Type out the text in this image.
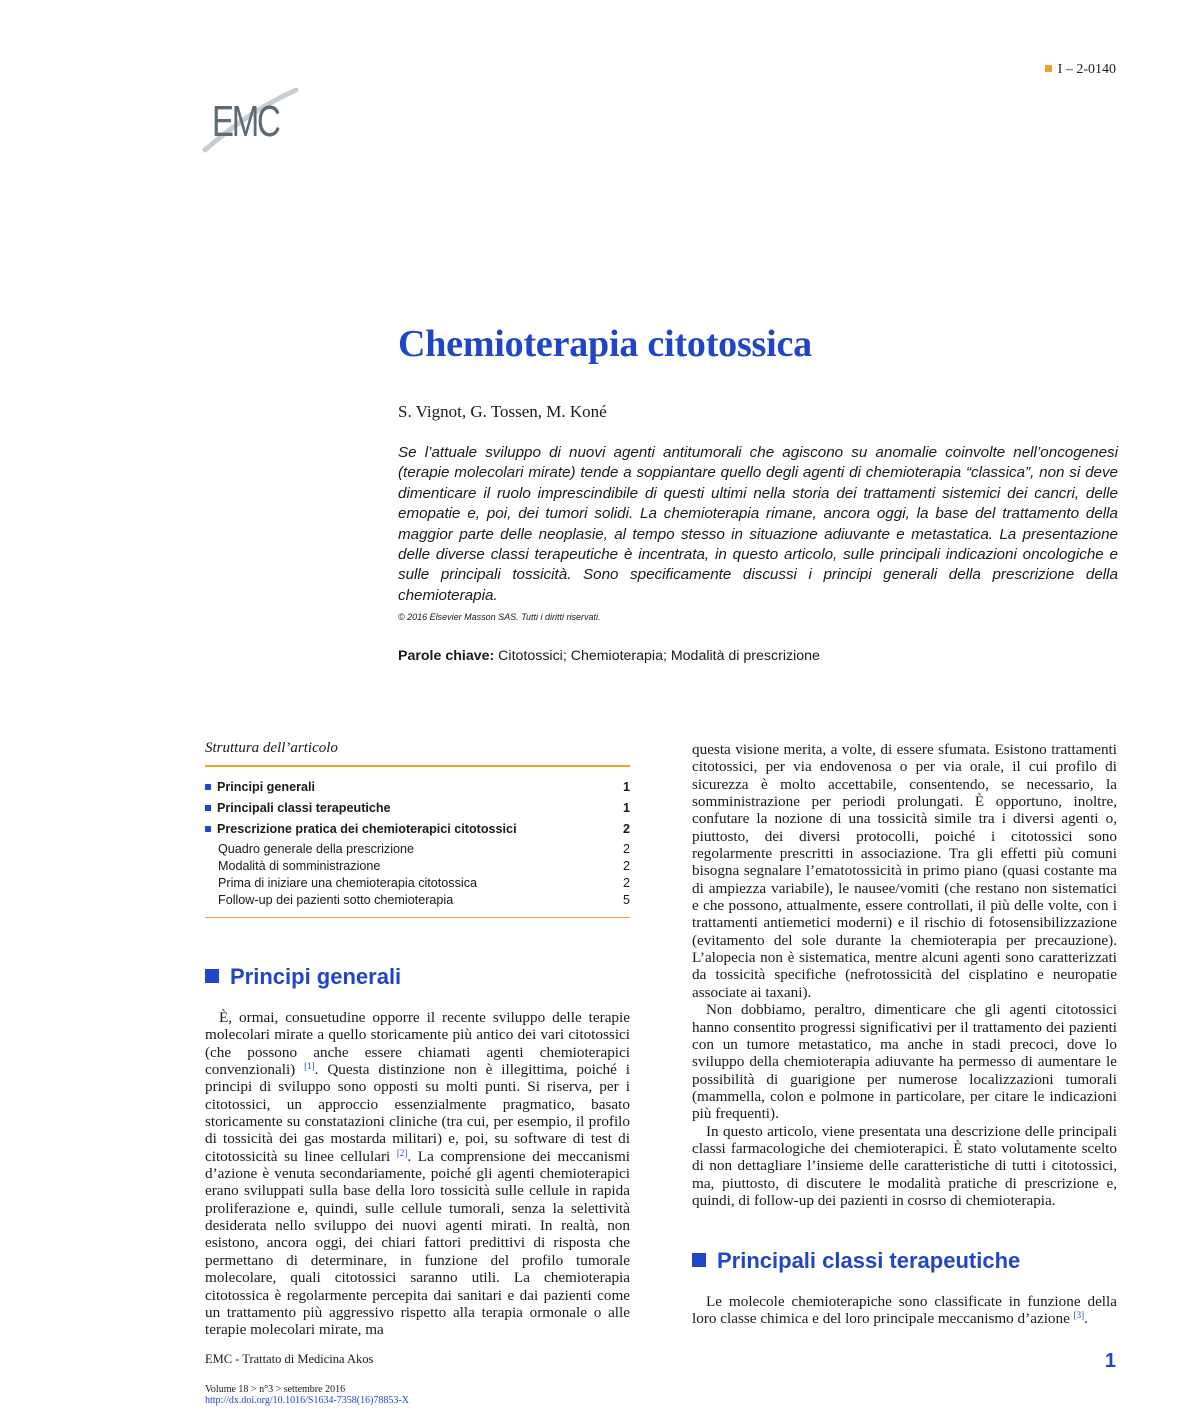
EMC
I – 2-0140
Chemioterapia citotossica
S. Vignot, G. Tossen, M. Koné

Se l’attuale sviluppo di nuovi agenti antitumorali che agiscono su anomalie coinvolte nell’oncogenesi (terapie molecolari mirate) tende a soppiantare quello degli agenti di chemioterapia “classica”, non si deve dimenticare il ruolo imprescindibile di questi ultimi nella storia dei trattamenti sistemici dei cancri, delle emopatie e, poi, dei tumori solidi. La chemioterapia rimane, ancora oggi, la base del trattamento della maggior parte delle neoplasie, al tempo stesso in situazione adiuvante e metastatica. La presentazione delle diverse classi terapeutiche è incentrata, in questo articolo, sulle principali indicazioni oncologiche e sulle principali tossicità. Sono specificamente discussi i principi generali della prescrizione della chemioterapia.

© 2016 Elsevier Masson SAS. Tutti i diritti riservati.
Parole chiave: Citotossici; Chemioterapia; Modalità di prescrizione
Struttura dell’articolo
Principi generali	1
Principali classi terapeutiche	1
Prescrizione pratica dei chemioterapici citotossici	2
Quadro generale della prescrizione	2
Modalità di somministrazione	2
Prima di iniziare una chemioterapia citotossica	2
Follow-up dei pazienti sotto chemioterapia	5
Principi generali

È, ormai, consuetudine opporre il recente sviluppo delle terapie molecolari mirate a quello storicamente più antico dei vari citotossici (che possono anche essere chiamati agenti chemioterapici convenzionali) [1]. Questa distinzione non è illegittima, poiché i principi di sviluppo sono opposti su molti punti. Si riserva, per i citotossici, un approccio essenzialmente pragmatico, basato storicamente su constatazioni cliniche (tra cui, per esempio, il profilo di tossicità dei gas mostarda militari) e, poi, su software di test di citotossicità su linee cellulari [2]. La comprensione dei meccanismi d’azione è venuta secondariamente, poiché gli agenti chemioterapici erano sviluppati sulla base della loro tossicità sulle cellule in rapida proliferazione e, quindi, sulle cellule tumorali, senza la selettività desiderata nello sviluppo dei nuovi agenti mirati. In realtà, non esistono, ancora oggi, dei chiari fattori predittivi di risposta che permettano di determinare, in funzione del profilo tumorale molecolare, quali citotossici saranno utili. La chemioterapia citotossica è regolarmente percepita dai sanitari e dai pazienti come un trattamento più aggressivo rispetto alla terapia ormonale o alle terapie molecolari mirate, ma

questa visione merita, a volte, di essere sfumata. Esistono trattamenti citotossici, per via endovenosa o per via orale, il cui profilo di sicurezza è molto accettabile, consentendo, se necessario, la somministrazione per periodi prolungati. È opportuno, inoltre, confutare la nozione di una tossicità simile tra i diversi agenti o, piuttosto, dei diversi protocolli, poiché i citotossici sono regolarmente prescritti in associazione. Tra gli effetti più comuni bisogna segnalare l’ematotossicità in primo piano (quasi costante ma di ampiezza variabile), le nausee/vomiti (che restano non sistematici e che possono, attualmente, essere controllati, il più delle volte, con i trattamenti antiemetici moderni) e il rischio di fotosensibilizzazione (evitamento del sole durante la chemioterapia per precauzione). L’alopecia non è sistematica, mentre alcuni agenti sono caratterizzati da tossicità specifiche (nefrotossicità del cisplatino e neuropatie associate ai taxani).

Non dobbiamo, peraltro, dimenticare che gli agenti citotossici hanno consentito progressi significativi per il trattamento dei pazienti con un tumore metastatico, ma anche in stadi precoci, dove lo sviluppo della chemioterapia adiuvante ha permesso di aumentare le possibilità di guarigione per numerose localizzazioni tumorali (mammella, colon e polmone in particolare, per citare le indicazioni più frequenti).

In questo articolo, viene presentata una descrizione delle principali classi farmacologiche dei chemioterapici. È stato volutamente scelto di non dettagliare l’insieme delle caratteristiche di tutti i citotossici, ma, piuttosto, di discutere le modalità pratiche di prescrizione e, quindi, di follow-up dei pazienti in cosrso di chemioterapia.

Principali classi terapeutiche

Le molecole chemioterapiche sono classificate in funzione della loro classe chimica e del loro principale meccanismo d’azione [3].

EMC - Trattato di Medicina Akos
Volume 18 > n°3 > settembre 2016
http://dx.doi.org/10.1016/S1634-7358(16)78853-X
1
